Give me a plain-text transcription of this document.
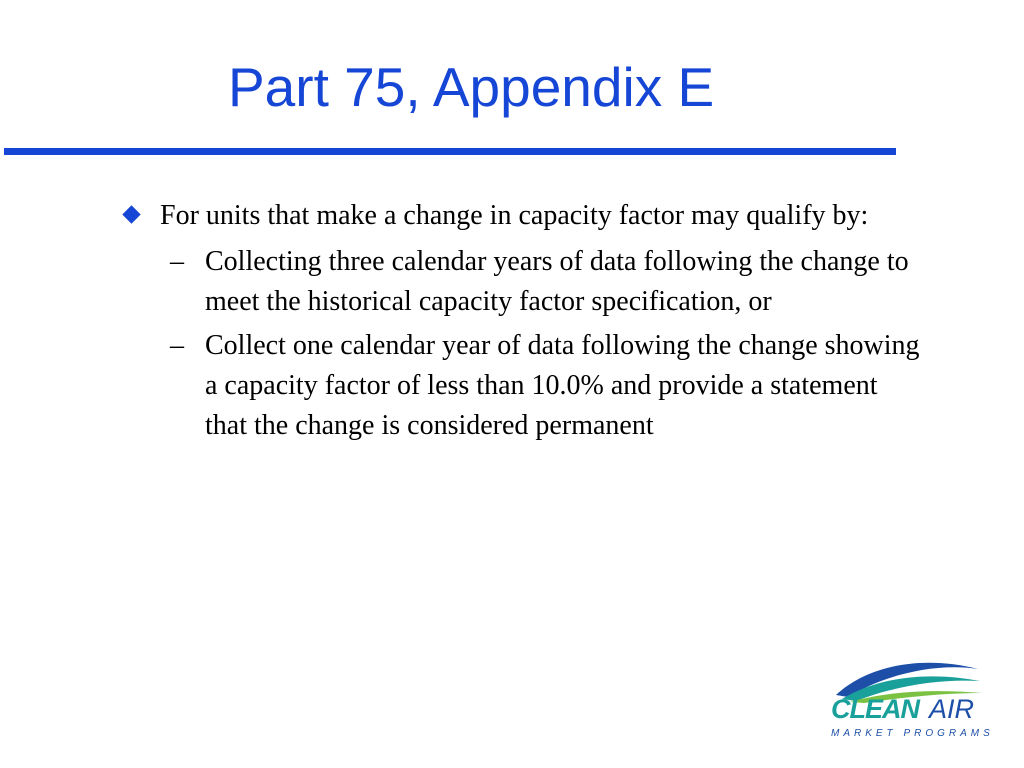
Part 75, Appendix E
For units that make a change in capacity factor may qualify by:
– Collecting three calendar years of data following the change to meet the historical capacity factor specification, or
– Collect one calendar year of data following the change showing a capacity factor of less than 10.0% and provide a statement that the change is considered permanent
CLEAN AIR
MARKET PROGRAMS
